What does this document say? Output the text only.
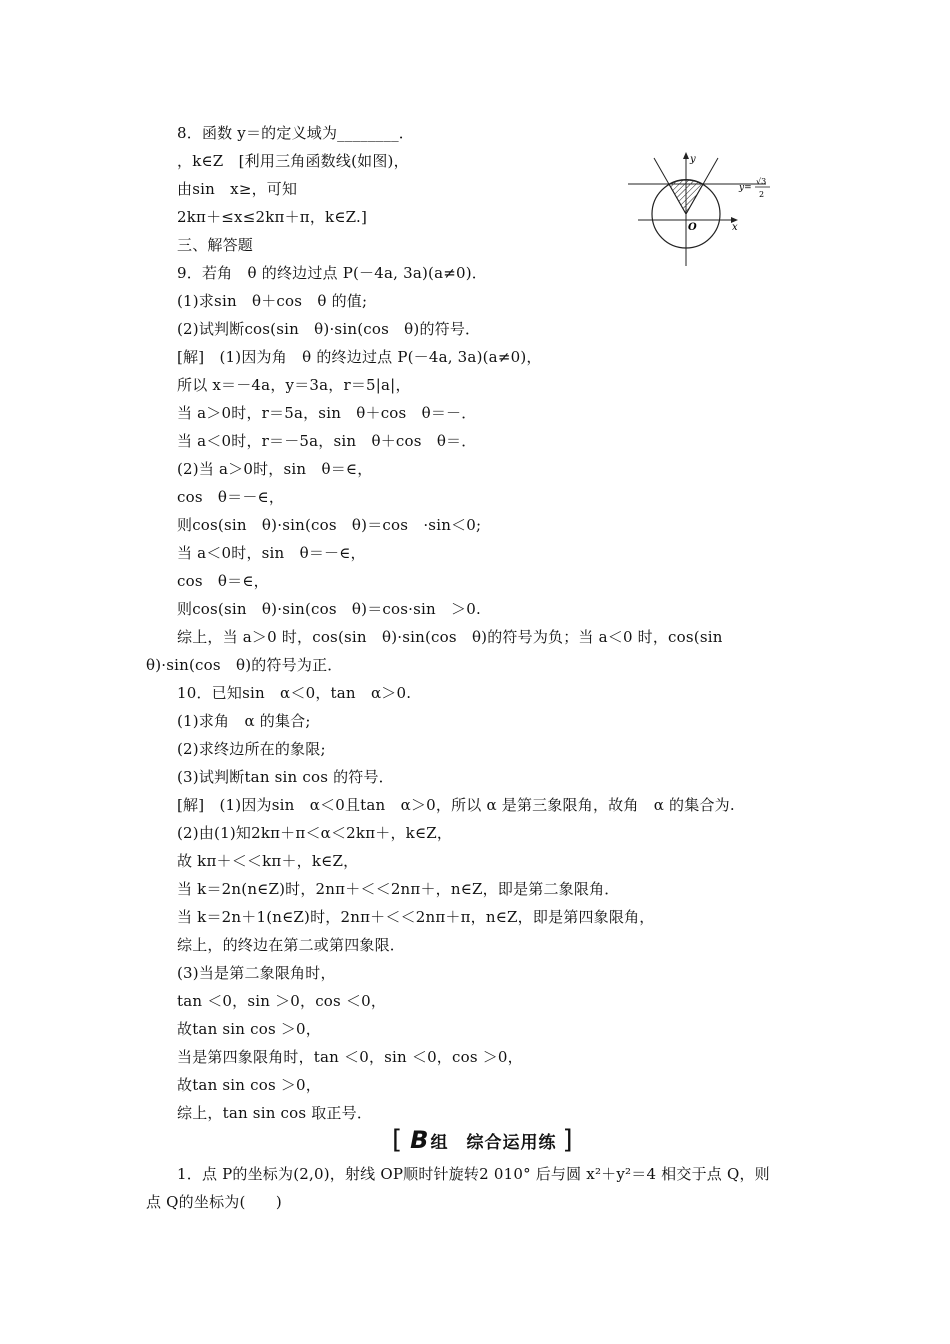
8．函数 y＝的定义域为________．
，k∈Z　[利用三角函数线(如图)，
由sin　x≥，可知
2kπ＋≤x≤2kπ＋π，k∈Z.]
三、解答题
9．若角　θ 的终边过点 P(－4a, 3a)(a≠0)．
(1)求sin　θ＋cos　θ 的值;
(2)试判断cos(sin　θ)·sin(cos　θ)的符号．
[解]　(1)因为角　θ 的终边过点 P(－4a, 3a)(a≠0)，
所以 x＝－4a，y＝3a，r＝5|a|，
当 a＞0时，r＝5a，sin　θ＋cos　θ＝－．
当 a＜0时，r＝－5a，sin　θ＋cos　θ＝．
(2)当 a＞0时，sin　θ＝∈，
cos　θ＝－∈，
则cos(sin　θ)·sin(cos　θ)＝cos　·sin＜0;
当 a＜0时，sin　θ＝－∈，
cos　θ＝∈，
则cos(sin　θ)·sin(cos　θ)＝cos·sin　＞0.
综上，当 a＞0 时，cos(sin　θ)·sin(cos　θ)的符号为负；当 a＜0 时，cos(sin
θ)·sin(cos　θ)的符号为正．
10．已知sin　α＜0，tan　α＞0.
(1)求角　α 的集合;
(2)求终边所在的象限;
(3)试判断tan sin cos 的符号．
[解]　(1)因为sin　α＜0且tan　α＞0，所以 α 是第三象限角，故角　α 的集合为.
(2)由(1)知2kπ＋π＜α＜2kπ＋，k∈Z，
故 kπ＋＜＜kπ＋，k∈Z，
当 k＝2n(n∈Z)时，2nπ＋＜＜2nπ＋，n∈Z，即是第二象限角．
当 k＝2n＋1(n∈Z)时，2nπ＋＜＜2nπ＋π，n∈Z，即是第四象限角，
综上，的终边在第二或第四象限．
(3)当是第二象限角时，
tan ＜0，sin ＞0，cos ＜0，
故tan sin cos ＞0，
当是第四象限角时，tan ＜0，sin ＜0，cos ＞0，
故tan sin cos ＞0，
综上，tan sin cos 取正号．
[ B 组　综合运用练 ]
1．点 P的坐标为(2,0)，射线 OP顺时针旋转2 010° 后与圆 x²＋y²＝4 相交于点 Q，则
点 Q的坐标为(　　)
y
x
O
y=
√3
2
